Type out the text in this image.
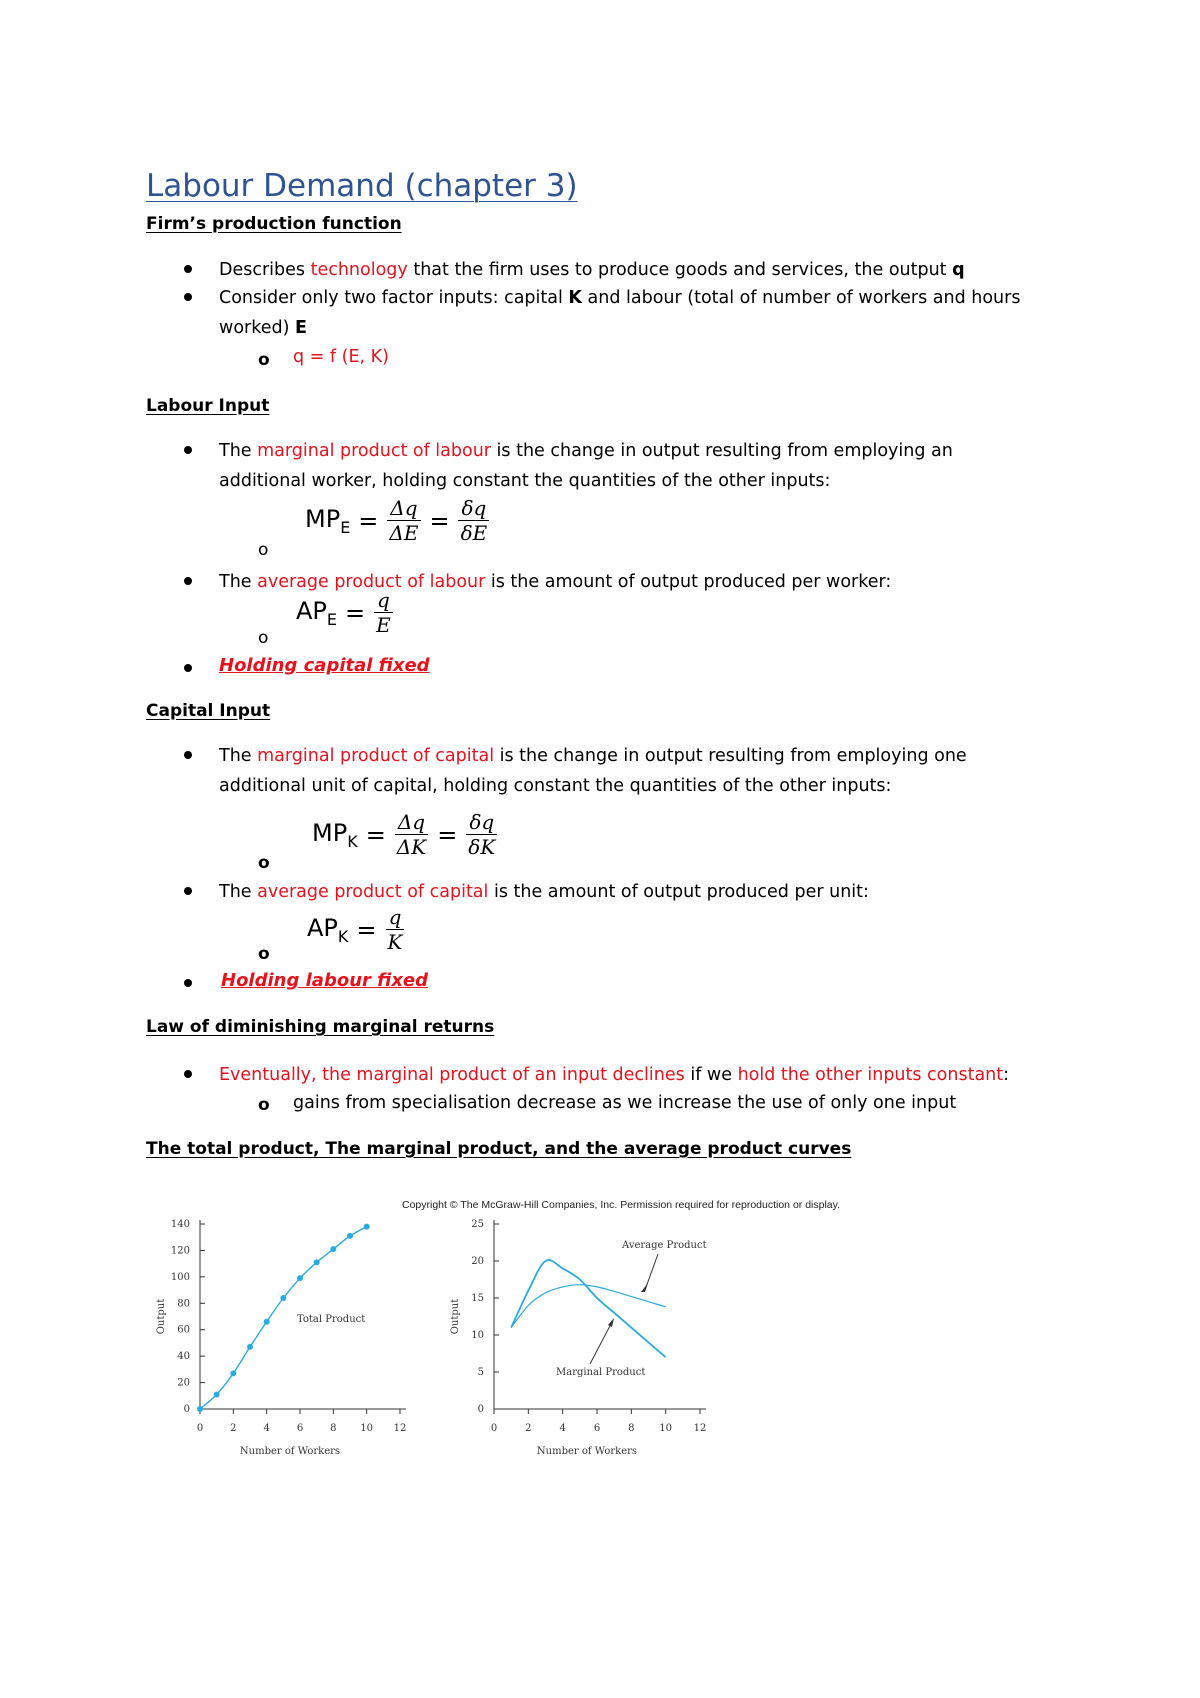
Labour Demand (chapter 3)
Firm’s production function
Describes technology that the firm uses to produce goods and services, the output q
Consider only two factor inputs: capital K and labour (total of number of workers and hours
worked) E
o q = f (E, K)
Labour Input
The marginal product of labour is the change in output resulting from employing an
additional worker, holding constant the quantities of the other inputs:
o
$MP_E = \frac{\Delta q}{\Delta E} = \frac{\delta q}{\delta E}$
The average product of labour is the amount of output produced per worker:
o
$AP_E = \frac{q}{E}$
Holding capital fixed
Capital Input
The marginal product of capital is the change in output resulting from employing one
additional unit of capital, holding constant the quantities of the other inputs:
o
$MP_K = \frac{\Delta q}{\Delta K} = \frac{\delta q}{\delta K}$
The average product of capital is the amount of output produced per unit:
o
$AP_K = \frac{q}{K}$
Holding labour fixed
Law of diminishing marginal returns
Eventually, the marginal product of an input declines if we hold the other inputs constant:
o gains from specialisation decrease as we increase the use of only one input
The total product, The marginal product, and the average product curves
Copyright © The McGraw-Hill Companies, Inc. Permission required for reproduction or display.
0
20
40
60
80
100
120
140
0	2	4	6	8 10 12
Number of Workers
Output	Total Product
0
5
10
15
20
25
0	2	4	6	8 10 12
Number of Workers
Output
Average Product
Marginal Product
